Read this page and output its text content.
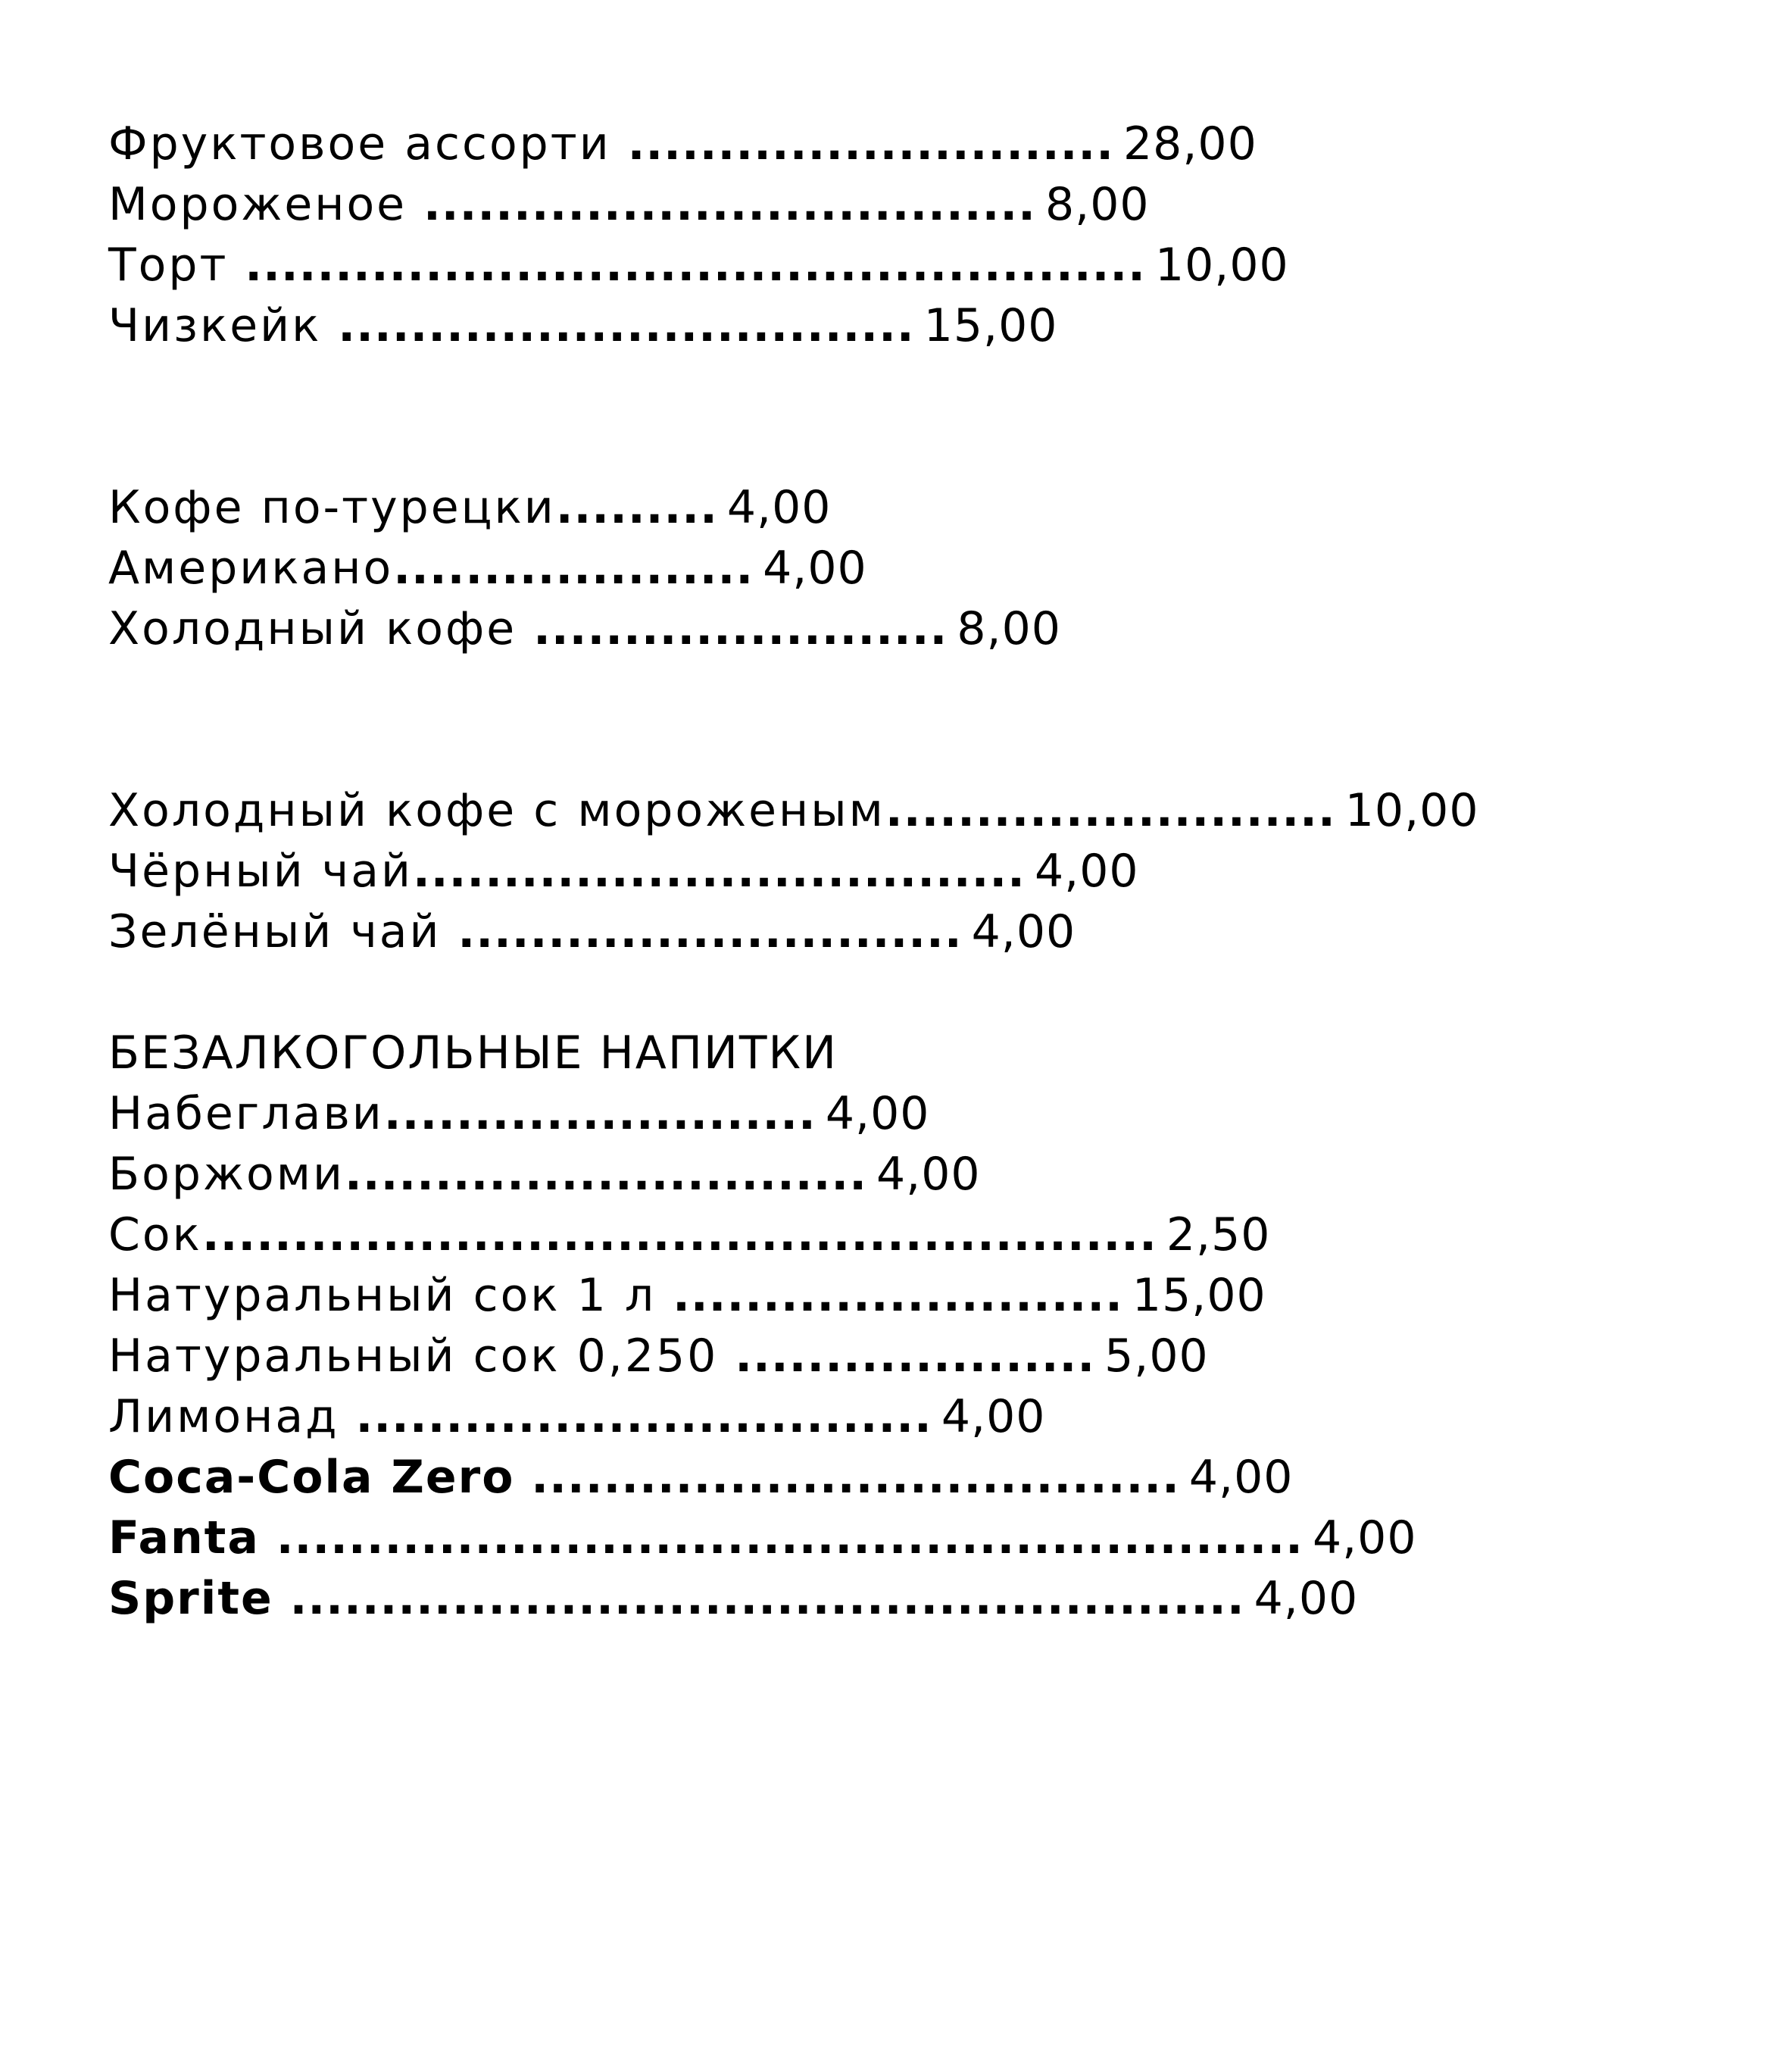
Фруктовое ассорти ........................... 28,00
Мороженое .................................. 8,00
Торт .................................................. 10,00
Чизкейк ................................ 15,00
Кофе по-турецки......... 4,00
Американо.................... 4,00
Холодный кофе ....................... 8,00
Холодный кофе с мороженым......................... 10,00
Чёрный чай.................................. 4,00
Зелёный чай ............................ 4,00
БЕЗАЛКОГОЛЬНЫЕ НАПИТКИ
Набеглави........................ 4,00
Боржоми............................. 4,00
Сок..................................................... 2,50
Натуральный сок 1 л ......................... 15,00
Натуральный сок 0,250 .................... 5,00
Лимонад ................................ 4,00
Coca-Cola Zero .................................... 4,00
Fanta ......................................................... 4,00
Sprite ..................................................... 4,00
